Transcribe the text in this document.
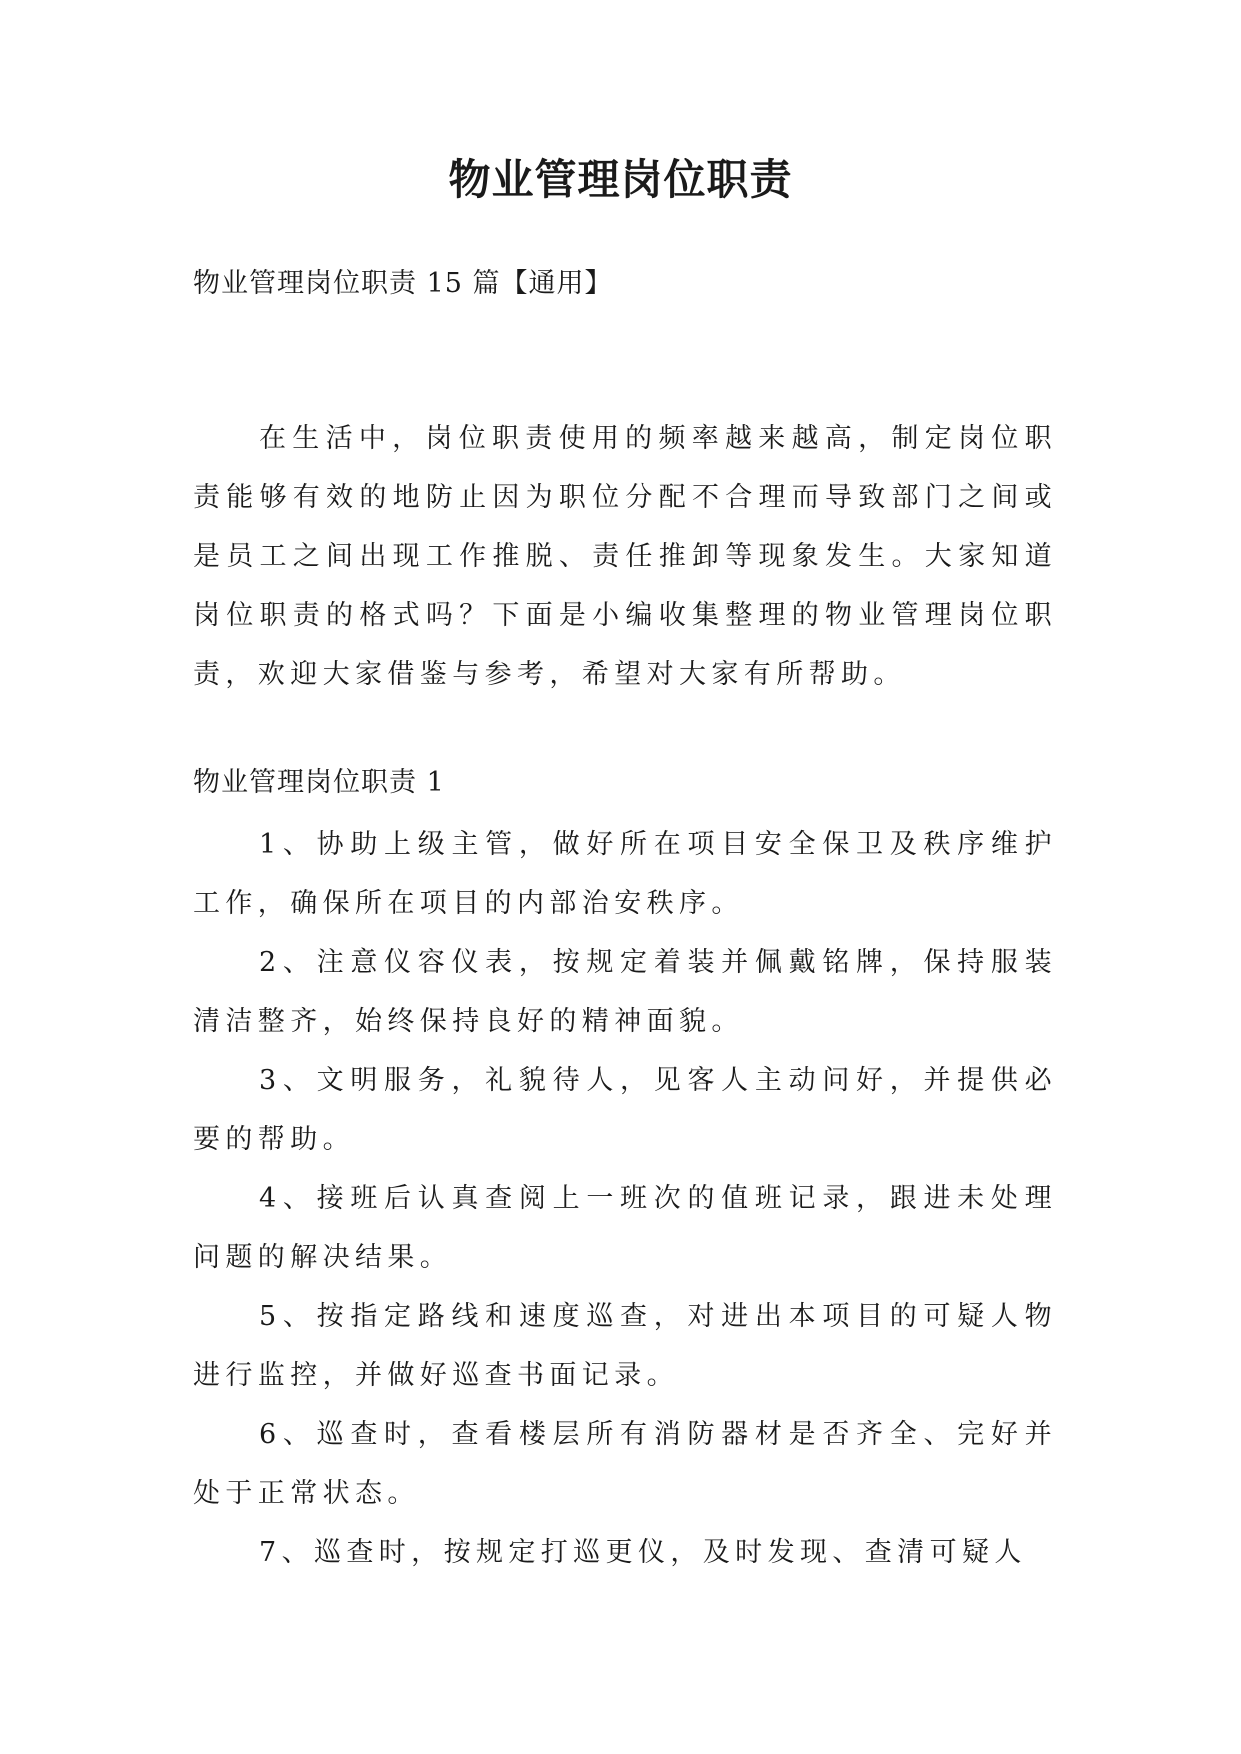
物业管理岗位职责

物业管理岗位职责 15 篇【通用】

在生活中，岗位职责使用的频率越来越高，制定岗位职责能够有效的地防止因为职位分配不合理而导致部门之间或是员工之间出现工作推脱、责任推卸等现象发生。大家知道岗位职责的格式吗？下面是小编收集整理的物业管理岗位职责，欢迎大家借鉴与参考，希望对大家有所帮助。

物业管理岗位职责 1

1、协助上级主管，做好所在项目安全保卫及秩序维护工作，确保所在项目的内部治安秩序。
2、注意仪容仪表，按规定着装并佩戴铭牌，保持服装清洁整齐，始终保持良好的精神面貌。
3、文明服务，礼貌待人，见客人主动问好，并提供必要的帮助。
4、接班后认真查阅上一班次的值班记录，跟进未处理问题的解决结果。
5、按指定路线和速度巡查，对进出本项目的可疑人物进行监控，并做好巡查书面记录。
6、巡查时，查看楼层所有消防器材是否齐全、完好并处于正常状态。
7、巡查时，按规定打巡更仪，及时发现、查清可疑人
